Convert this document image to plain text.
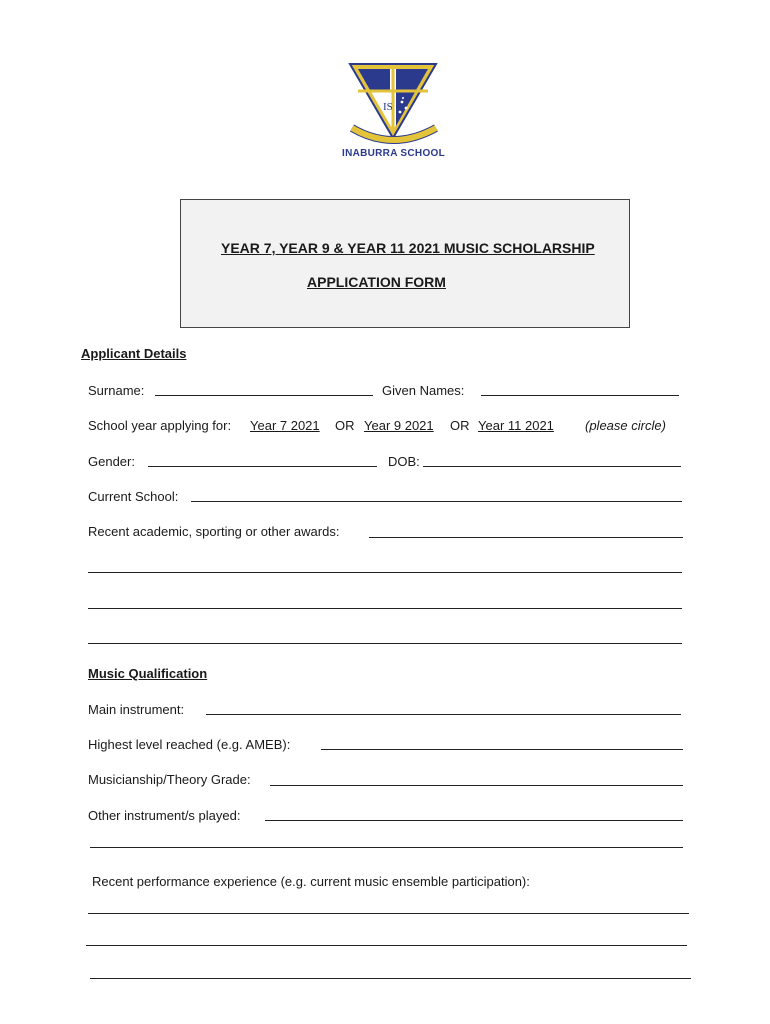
IS
INABURRA SCHOOL
YEAR 7, YEAR 9 & YEAR 11 2021 MUSIC SCHOLARSHIP
APPLICATION FORM
Applicant Details
Surname:	Given Names:
School year applying for: Year 7 2021 OR Year 9 2021 OR Year 11 2021 (please circle)
Gender:	DOB:
Current School:
Recent academic, sporting or other awards:
Music Qualification
Main instrument:
Highest level reached (e.g. AMEB):
Musicianship/Theory Grade:
Other instrument/s played:
Recent performance experience (e.g. current music ensemble participation):
